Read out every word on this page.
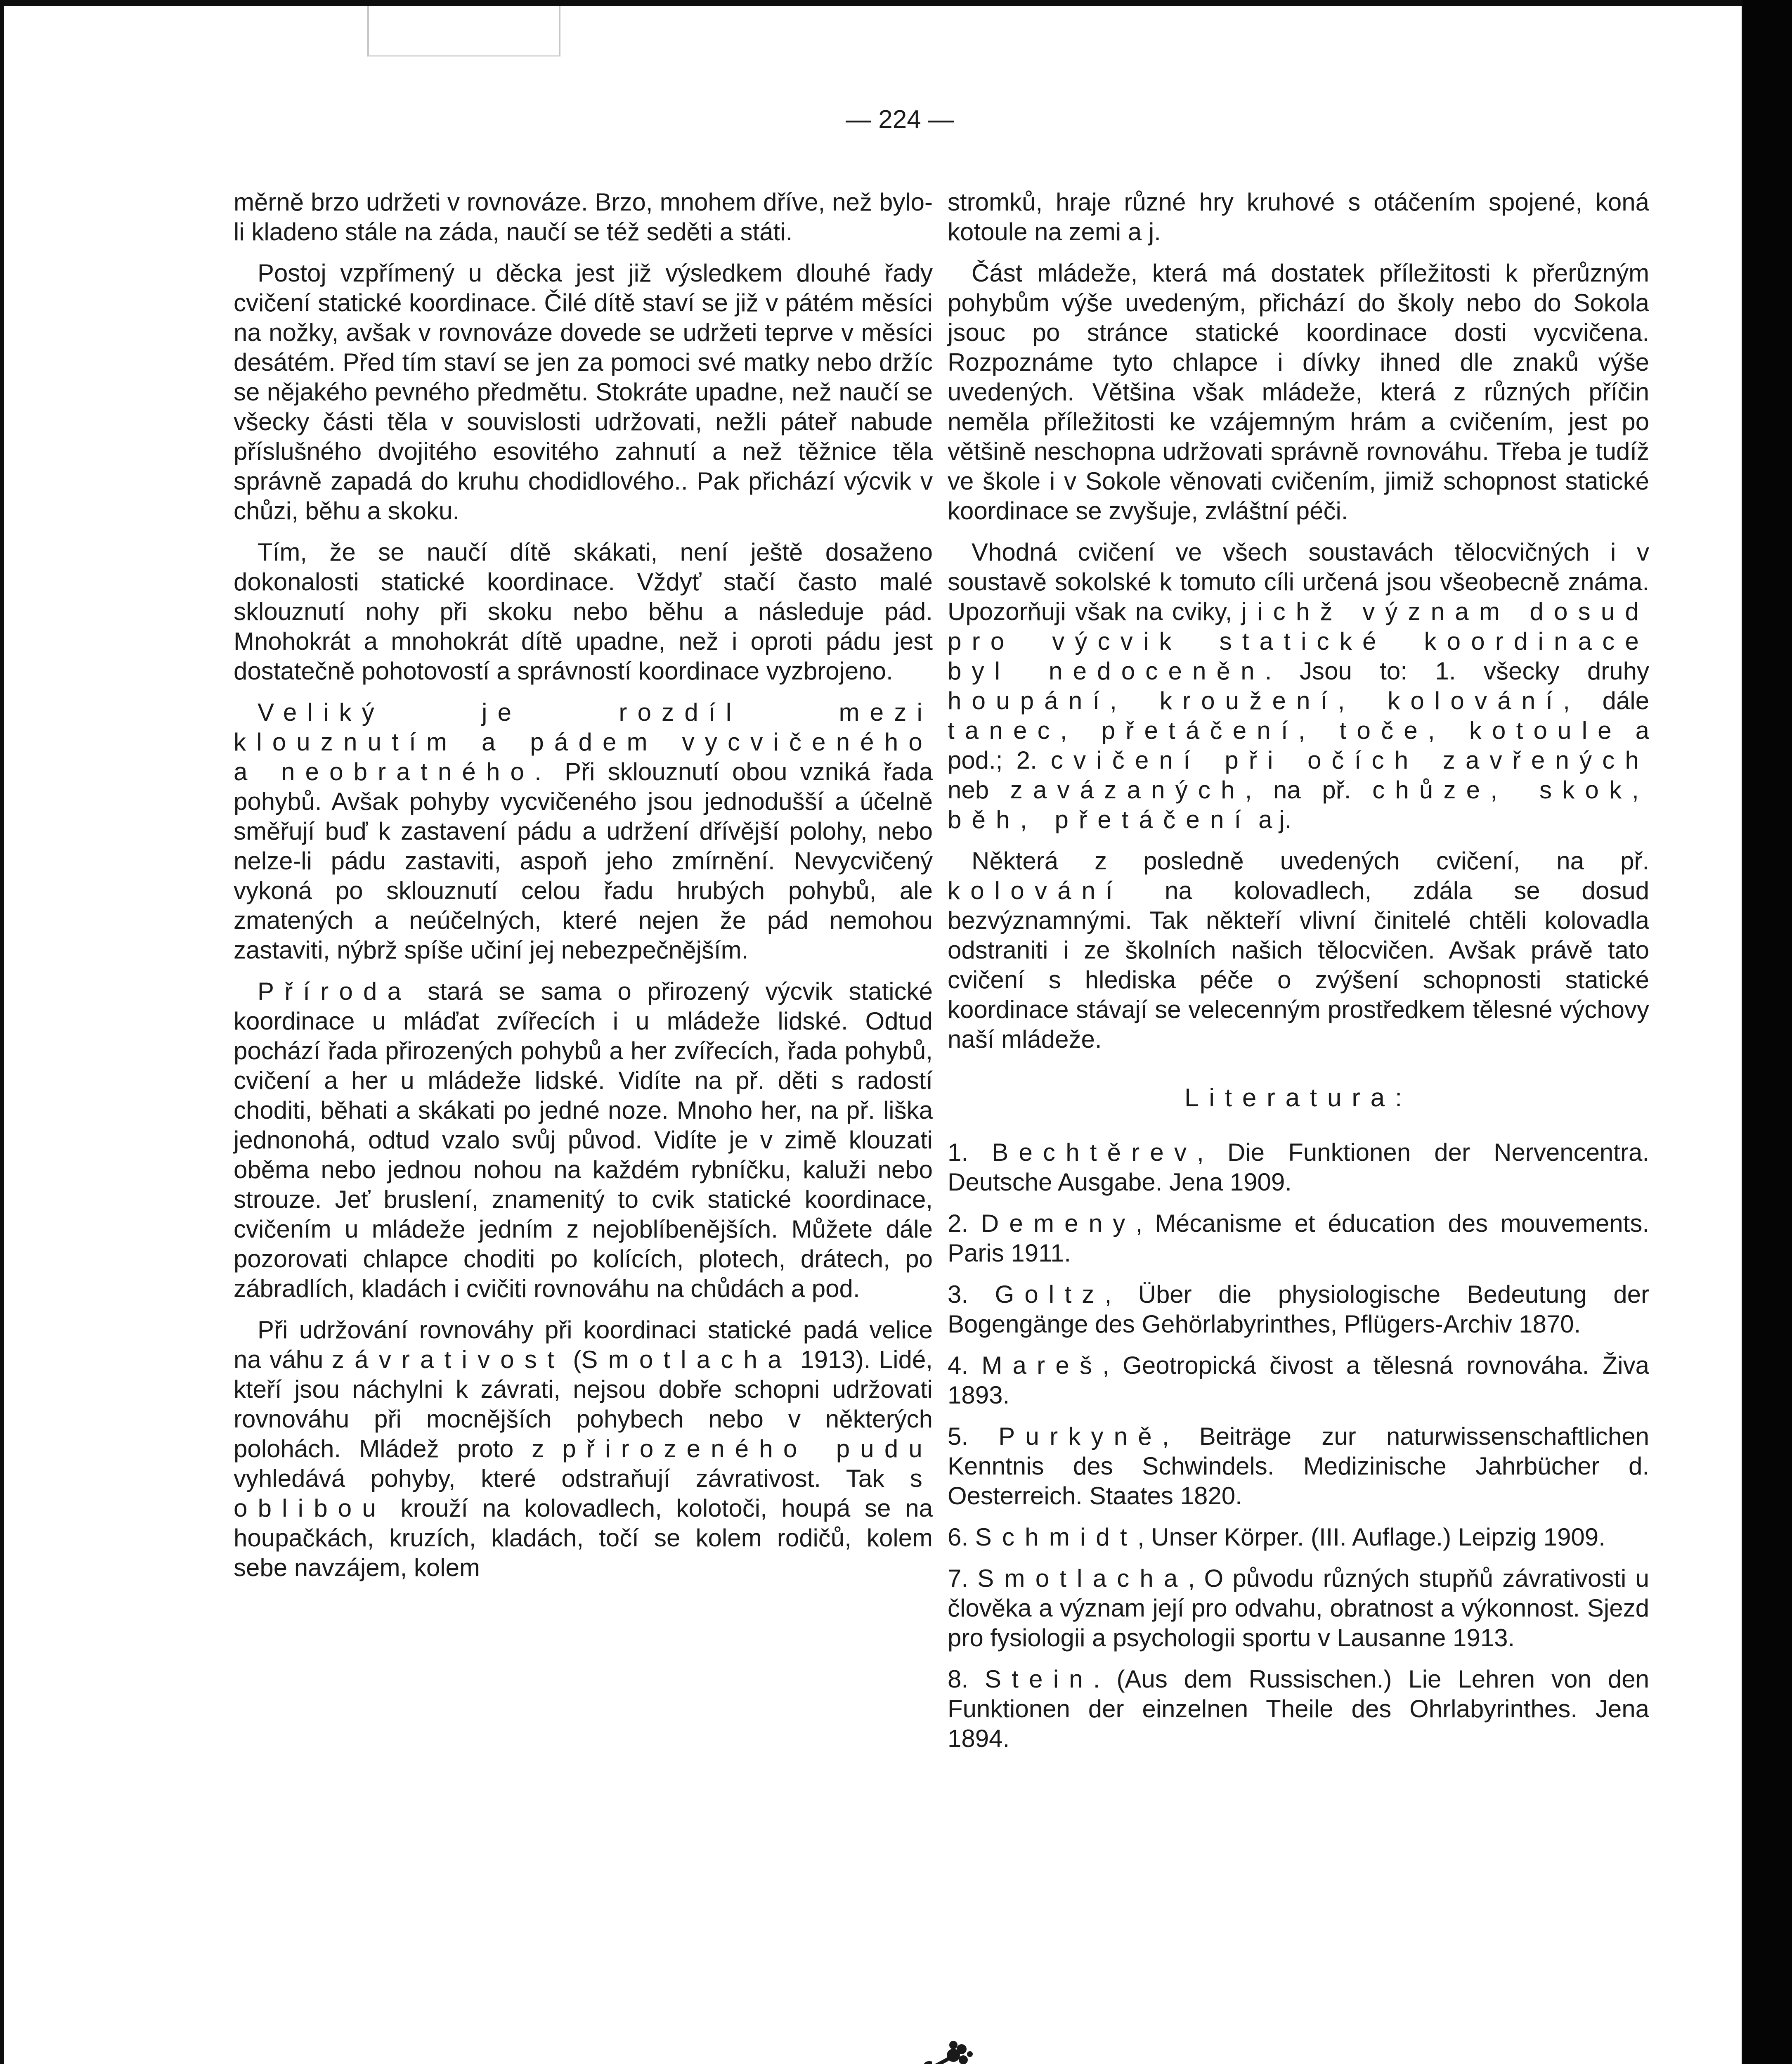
— 224 —

měrně brzo udržeti v rovnováze. Brzo, mnohem dříve, než bylo-li kladeno stále na záda, naučí se též seděti a státi.

Postoj vzpřímený u děcka jest již výsledkem dlouhé řady cvičení statické koordinace. Čilé dítě staví se již v pátém měsíci na nožky, avšak v rovnováze dovede se udržeti teprve v měsíci desátém. Před tím staví se jen za pomoci své matky nebo držíc se nějakého pevného předmětu. Stokráte upadne, než naučí se všecky části těla v souvislosti udržovati, nežli páteř nabude příslušného dvojitého esovitého zahnutí a než těžnice těla správně zapadá do kruhu chodidlového.. Pak přichází výcvik v chůzi, běhu a skoku.

Tím, že se naučí dítě skákati, není ještě dosaženo dokonalosti statické koordinace. Vždyť stačí často malé sklouznutí nohy při skoku nebo běhu a následuje pád. Mnohokrát a mnohokrát dítě upadne, než i oproti pádu jest dostatečně pohotovostí a správností koordinace vyzbrojeno.

Veliký je rozdíl mezi klouznutím a pádem vycvičeného a neobratného. Při sklouznutí obou vzniká řada pohybů. Avšak pohyby vycvičeného jsou jednodušší a účelně směřují buď k zastavení pádu a udržení dřívější polohy, nebo nelze-li pádu zastaviti, aspoň jeho zmírnění. Nevycvičený vykoná po sklouznutí celou řadu hrubých pohybů, ale zmatených a neúčelných, které nejen že pád nemohou zastaviti, nýbrž spíše učiní jej nebezpečnějším.

Příroda stará se sama o přirozený výcvik statické koordinace u mláďat zvířecích i u mládeže lidské. Odtud pochází řada přirozených pohybů a her zvířecích, řada pohybů, cvičení a her u mládeže lidské. Vidíte na př. děti s radostí choditi, běhati a skákati po jedné noze. Mnoho her, na př. liška jednonohá, odtud vzalo svůj původ. Vidíte je v zimě klouzati oběma nebo jednou nohou na každém rybníčku, kaluži nebo strouze. Jeť bruslení, znamenitý to cvik statické koordinace, cvičením u mládeže jedním z nejoblíbenějších. Můžete dále pozorovati chlapce choditi po kolících, plotech, drátech, po zábradlích, kladách i cvičiti rovnováhu na chůdách a pod.

Při udržování rovnováhy při koordinaci statické padá velice na váhu závrativost (Smotlacha 1913). Lidé, kteří jsou náchylni k závrati, nejsou dobře schopni udržovati rovnováhu při mocnějších pohybech nebo v některých polohách. Mládež proto z přirozeného pudu vyhledává pohyby, které odstraňují závrativost. Tak s oblibou krouží na kolovadlech, kolotoči, houpá se na houpačkách, kruzích, kladách, točí se kolem rodičů, kolem sebe navzájem, kolem

stromků, hraje různé hry kruhové s otáčením spojené, koná kotoule na zemi a j.

Část mládeže, která má dostatek příležitosti k přerůzným pohybům výše uvedeným, přichází do školy nebo do Sokola jsouc po stránce statické koordinace dosti vycvičena. Rozpoznáme tyto chlapce i dívky ihned dle znaků výše uvedených. Většina však mládeže, která z různých příčin neměla příležitosti ke vzájemným hrám a cvičením, jest po většině neschopna udržovati správně rovnováhu. Třeba je tudíž ve škole i v Sokole věnovati cvičením, jimiž schopnost statické koordinace se zvyšuje, zvláštní péči.

Vhodná cvičení ve všech soustavách tělocvičných i v soustavě sokolské k tomuto cíli určená jsou všeobecně známa. Upozorňuji však na cviky, jichž význam dosud pro výcvik statické koordinace byl nedoceněn. Jsou to: 1. všecky druhy houpání, kroužení, kolování, dále tanec, přetáčení, toče, kotoule a pod.; 2. cvičení při očích zavřených neb zavázaných, na př. chůze, skok, běh, přetáčení a j.

Některá z posledně uvedených cvičení, na př. kolování na kolovadlech, zdála se dosud bezvýznamnými. Tak někteří vlivní činitelé chtěli kolovadla odstraniti i ze školních našich tělocvičen. Avšak právě tato cvičení s hlediska péče o zvýšení schopnosti statické koordinace stávají se velecenným prostředkem tělesné výchovy naší mládeže.

Literatura:

1. Bechtěrev, Die Funktionen der Nervencentra. Deutsche Ausgabe. Jena 1909.

2. Demeny, Mécanisme et éducation des mouvements. Paris 1911.

3. Goltz, Über die physiologische Bedeutung der Bogengänge des Gehörlabyrinthes, Pflügers-Archiv 1870.

4. Mareš, Geotropická čivost a tělesná rovnováha. Živa 1893.

5. Purkyně, Beiträge zur naturwissenschaftlichen Kenntnis des Schwindels. Medizinische Jahrbücher d. Oesterreich. Staates 1820.

6. Schmidt, Unser Körper. (III. Auflage.) Leipzig 1909.

7. Smotlacha, O původu různých stupňů závrativosti u člověka a význam její pro odvahu, obratnost a výkonnost. Sjezd pro fysiologii a psychologii sportu v Lausanne 1913.

8. Stein. (Aus dem Russischen.) Lie Lehren von den Funktionen der einzelnen Theile des Ohrlabyrinthes. Jena 1894.
